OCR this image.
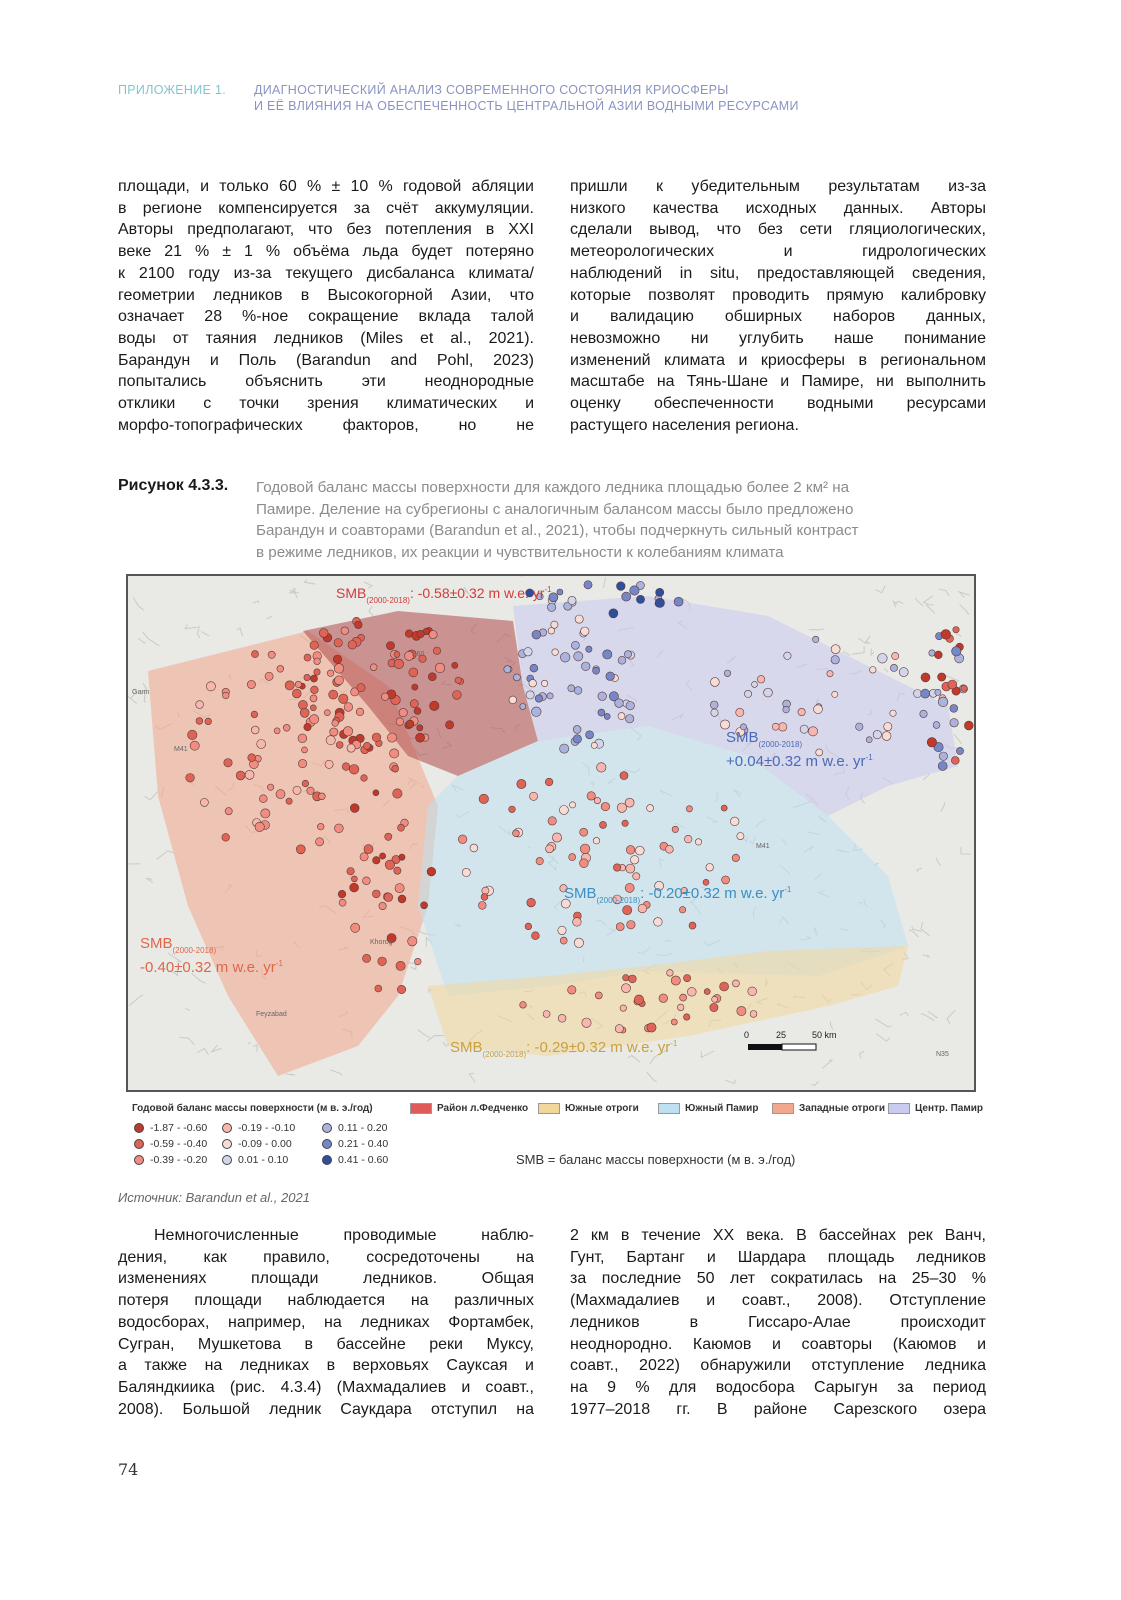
ПРИЛОЖЕНИЕ 1. ДИАГНОСТИЧЕСКИЙ АНАЛИЗ СОВРЕМЕННОГО СОСТОЯНИЯ КРИОСФЕРЫ
И ЕЁ ВЛИЯНИЯ НА ОБЕСПЕЧЕННОСТЬ ЦЕНТРАЛЬНОЙ АЗИИ ВОДНЫМИ РЕСУРСАМИ

площади, и только 60 % ± 10 % годовой абляции

в регионе компенсируется за счёт аккумуляции.

Авторы предполагают, что без потепления в XXI

веке 21 % ± 1 % объёма льда будет потеряно

к 2100 году из-за текущего дисбаланса климата/

геометрии ледников в Высокогорной Азии, что

означает 28 %-ное сокращение вклада талой

воды от таяния ледников (Miles et al., 2021).

Барандун и Поль (Barandun and Pohl, 2023)

попытались объяснить эти неоднородные

отклики с точки зрения климатических и

морфо-топографических факторов, но не

пришли к убедительным результатам из-за

низкого качества исходных данных. Авторы

сделали вывод, что без сети гляциологических,

метеорологических и гидрологических

наблюдений in situ, предоставляющей сведения,

которые позволят проводить прямую калибровку

и валидацию обширных наборов данных,

невозможно ни углубить наше понимание

изменений климата и криосферы в региональном

масштабе на Тянь-Шане и Памире, ни выполнить

оценку обеспеченности водными ресурсами

растущего населения региона.

Рисунок 4.3.3. Годовой баланс массы поверхности для каждого ледника площадью более 2 км² на
Памире. Деление на субрегионы с аналогичным балансом массы было предложено
Барандун и соавторами (Barandun et al., 2021), чтобы подчеркнуть сильный контраст
в режиме ледников, их реакции и чувствительности к колебаниям климата
$SMB_{(2000-2018)}$: -0.58±0.32 m w.e. $yr^{-1}$
$SMB_{(2000-2018)}$
+0.04±0.32 m w.e. $yr^{-1}$
$SMB_{(2000-2018)}$: -0.20±0.32 m w.e. $yr^{-1}$
$SMB_{(2000-2018)}$
-0.40±0.32 m w.e. $yr^{-1}$
$SMB_{(2000-2018)}$: -0.29±0.32 m w.e. $yr^{-1}$
E60
M41
M41
N35
Khorog
Feyzabad
Garm
0	25	50 km
Годовой баланс массы поверхности (м в. э./год)
-1.87 - -0.60
-0.59 - -0.40
-0.39 - -0.20
-0.19 - -0.10
-0.09 - 0.00
0.01 - 0.10
0.11 - 0.20
0.21 - 0.40
0.41 - 0.60
Район л.Федченко	Южные отроги	Южный Памир	Западные отроги	Центр. Памир
SMB = баланс массы поверхности (м в. э./год)
Источник: Barandun et al., 2021

Немногочисленные проводимые наблю-

дения, как правило, сосредоточены на

изменениях площади ледников. Общая

потеря площади наблюдается на различных

водосборах, например, на ледниках Фортамбек,

Сугран, Мушкетова в бассейне реки Муксу,

а также на ледниках в верховьях Сауксая и

Баляндкиика (рис. 4.3.4) (Махмадалиев и соавт.,

2008). Большой ледник Саукдара отступил на

2 км в течение XX века. В бассейнах рек Ванч,

Гунт, Бартанг и Шардара площадь ледников

за последние 50 лет сократилась на 25–30 %

(Махмадалиев и соавт., 2008). Отступление

ледников в Гиссаро-Алае происходит

неоднородно. Каюмов и соавторы (Каюмов и

соавт., 2022) обнаружили отступление ледника

на 9 % для водосбора Сарыгун за период

1977–2018 гг. В районе Сарезского озера

74
